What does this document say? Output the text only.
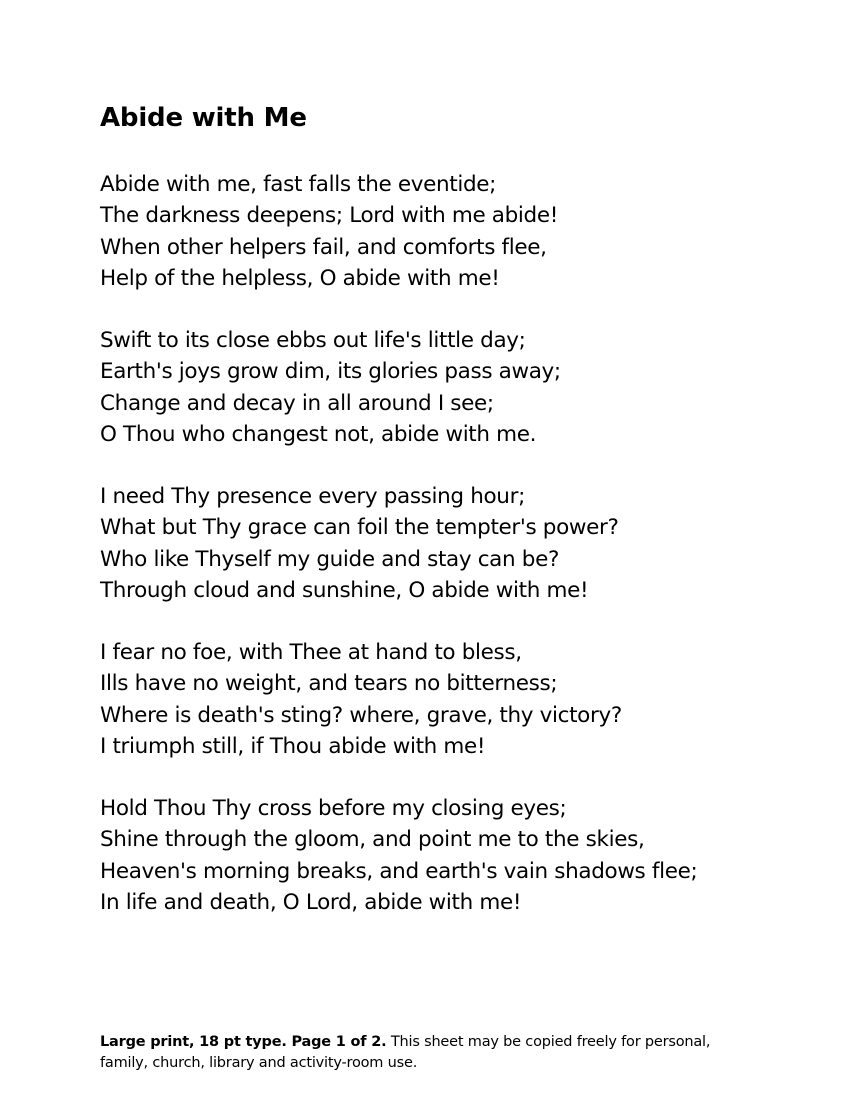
Abide with Me
Abide with me, fast falls the eventide;
The darkness deepens; Lord with me abide!
When other helpers fail, and comforts flee,
Help of the helpless, O abide with me!
Swift to its close ebbs out life's little day;
Earth's joys grow dim, its glories pass away;
Change and decay in all around I see;
O Thou who changest not, abide with me.
I need Thy presence every passing hour;
What but Thy grace can foil the tempter's power?
Who like Thyself my guide and stay can be?
Through cloud and sunshine, O abide with me!
I fear no foe, with Thee at hand to bless,
Ills have no weight, and tears no bitterness;
Where is death's sting? where, grave, thy victory?
I triumph still, if Thou abide with me!
Hold Thou Thy cross before my closing eyes;
Shine through the gloom, and point me to the skies,
Heaven's morning breaks, and earth's vain shadows flee;
In life and death, O Lord, abide with me!

Large print, 18 pt type. Page 1 of 2. This sheet may be copied freely for personal, family, church, library and activity-room use.
